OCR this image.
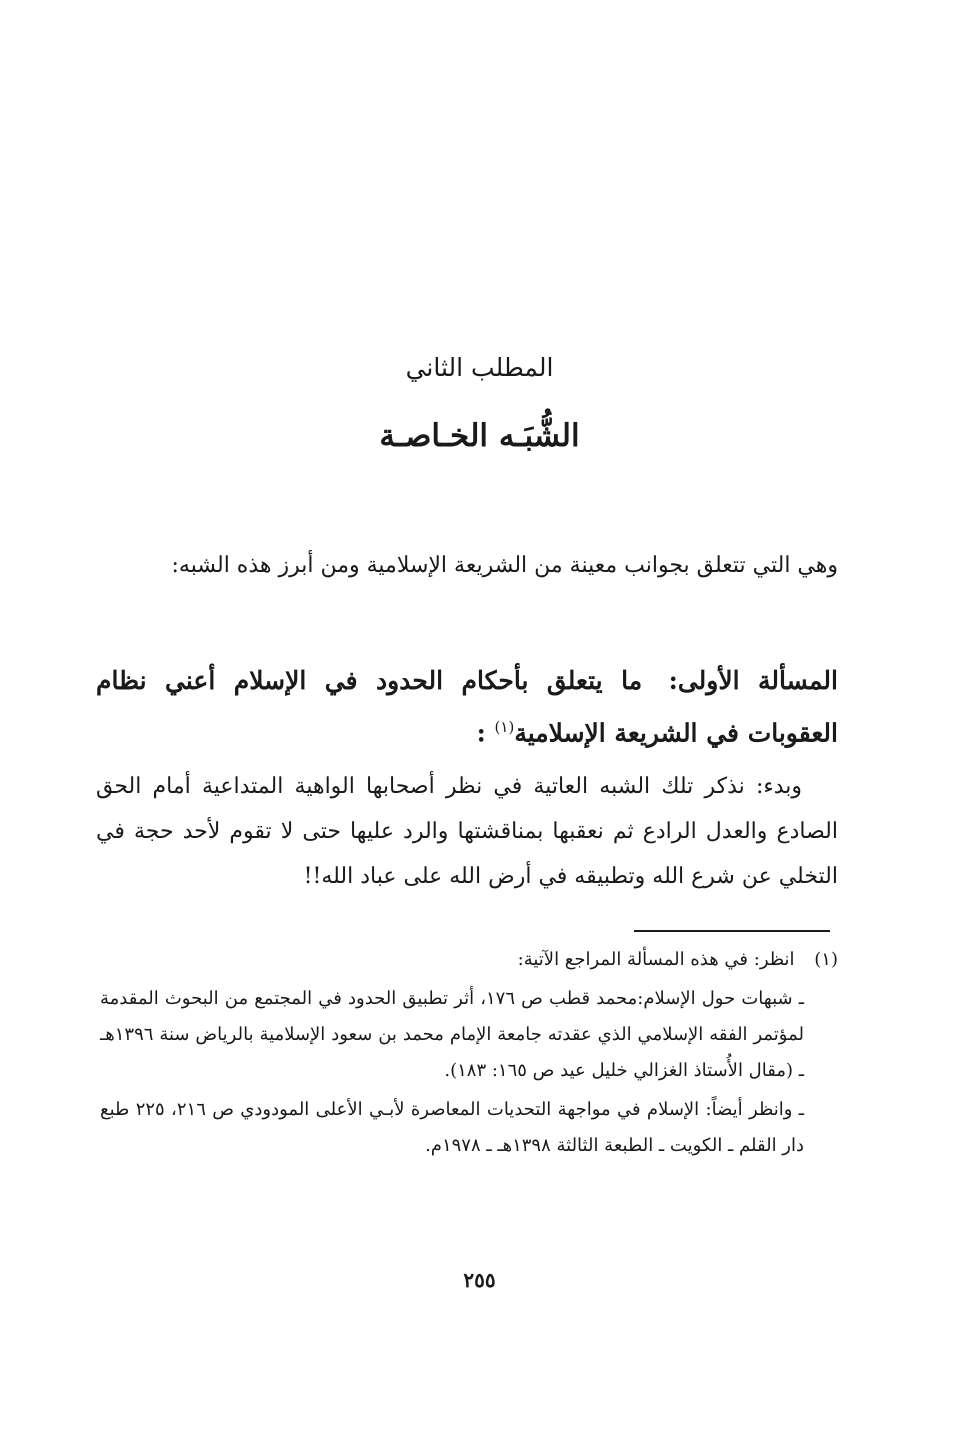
المطلب الثاني
الشُّبَـه الخـاصـة

وهي التي تتعلق بجوانب معينة من الشريعة الإسلامية ومن أبرز هذه الشبه:

المسألة الأولى: ما يتعلق بأحكام الحدود في الإسلام أعني نظام العقوبات في الشريعة الإسلامية$^{(١)}$ :

وبدء: نذكر تلك الشبه العاتية في نظر أصحابها الواهية المتداعية أمام الحق الصادع والعدل الرادع ثم نعقبها بمناقشتها والرد عليها حتى لا تقوم لأحد حجة في التخلي عن شرع الله وتطبيقه في أرض الله على عباد الله!!

(١) انظر: في هذه المسألة المراجع الآتية:

ـ شبهات حول الإسلام:محمد قطب ص ١٧٦، أثر تطبيق الحدود في المجتمع من البحوث المقدمة لمؤتمر الفقه الإسلامي الذي عقدته جامعة الإمام محمد بن سعود الإسلامية بالرياض سنة ١٣٩٦هـ ـ (مقال الأُستاذ الغزالي خليل عيد ص ١٦٥: ١٨٣).

ـ وانظر أيضاً: الإسلام في مواجهة التحديات المعاصرة لأبـي الأعلى المودودي ص ٢١٦، ٢٢٥ طبع دار القلم ـ الكويت ـ الطبعة الثالثة ١٣٩٨هـ ـ ١٩٧٨م.

٢٥٥
